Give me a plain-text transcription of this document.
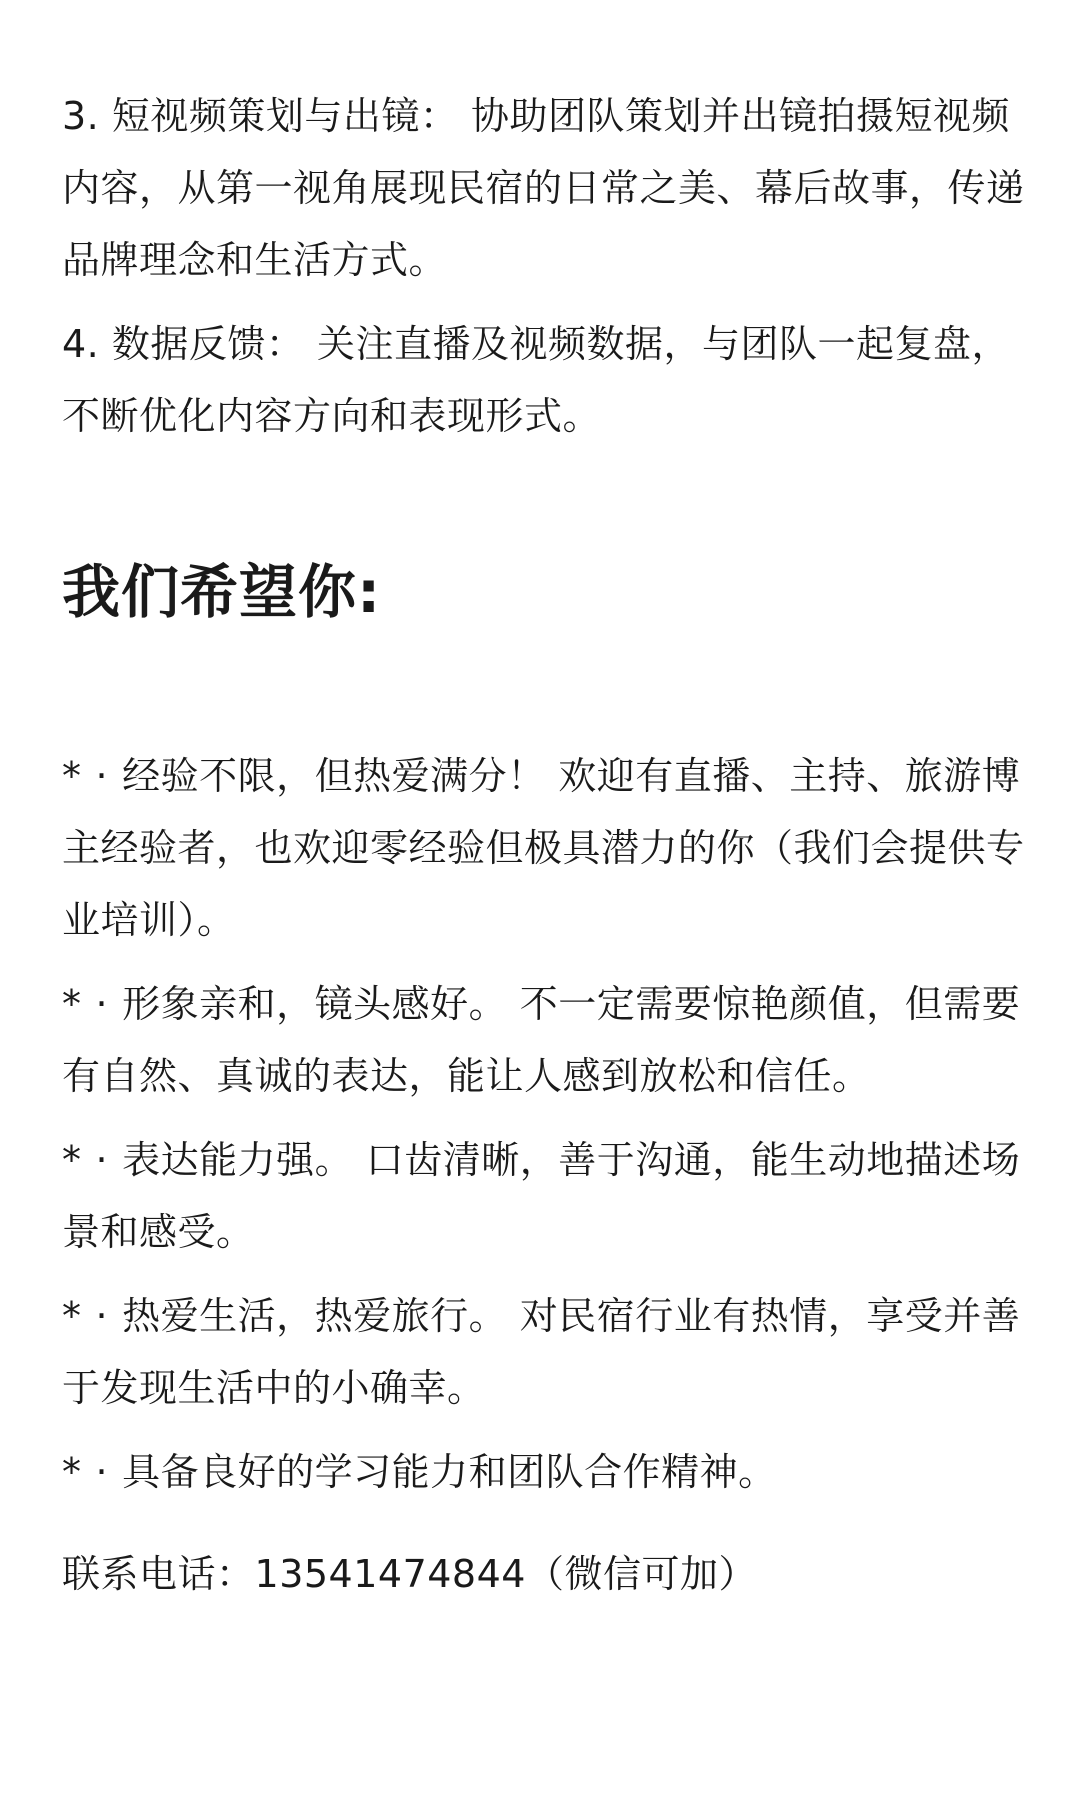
3. 短视频策划与出镜： 协助团队策划并出镜拍摄短视频内容，从第一视角展现民宿的日常之美、幕后故事，传递品牌理念和生活方式。

4. 数据反馈： 关注直播及视频数据，与团队一起复盘，不断优化内容方向和表现形式。

我们希望你:

* · 经验不限，但热爱满分！ 欢迎有直播、主持、旅游博主经验者，也欢迎零经验但极具潜力的你（我们会提供专业培训）。

* · 形象亲和，镜头感好。 不一定需要惊艳颜值，但需要有自然、真诚的表达，能让人感到放松和信任。

* · 表达能力强。 口齿清晰，善于沟通，能生动地描述场景和感受。

* · 热爱生活，热爱旅行。 对民宿行业有热情，享受并善于发现生活中的小确幸。

* · 具备良好的学习能力和团队合作精神。

联系电话：13541474844（微信可加）
